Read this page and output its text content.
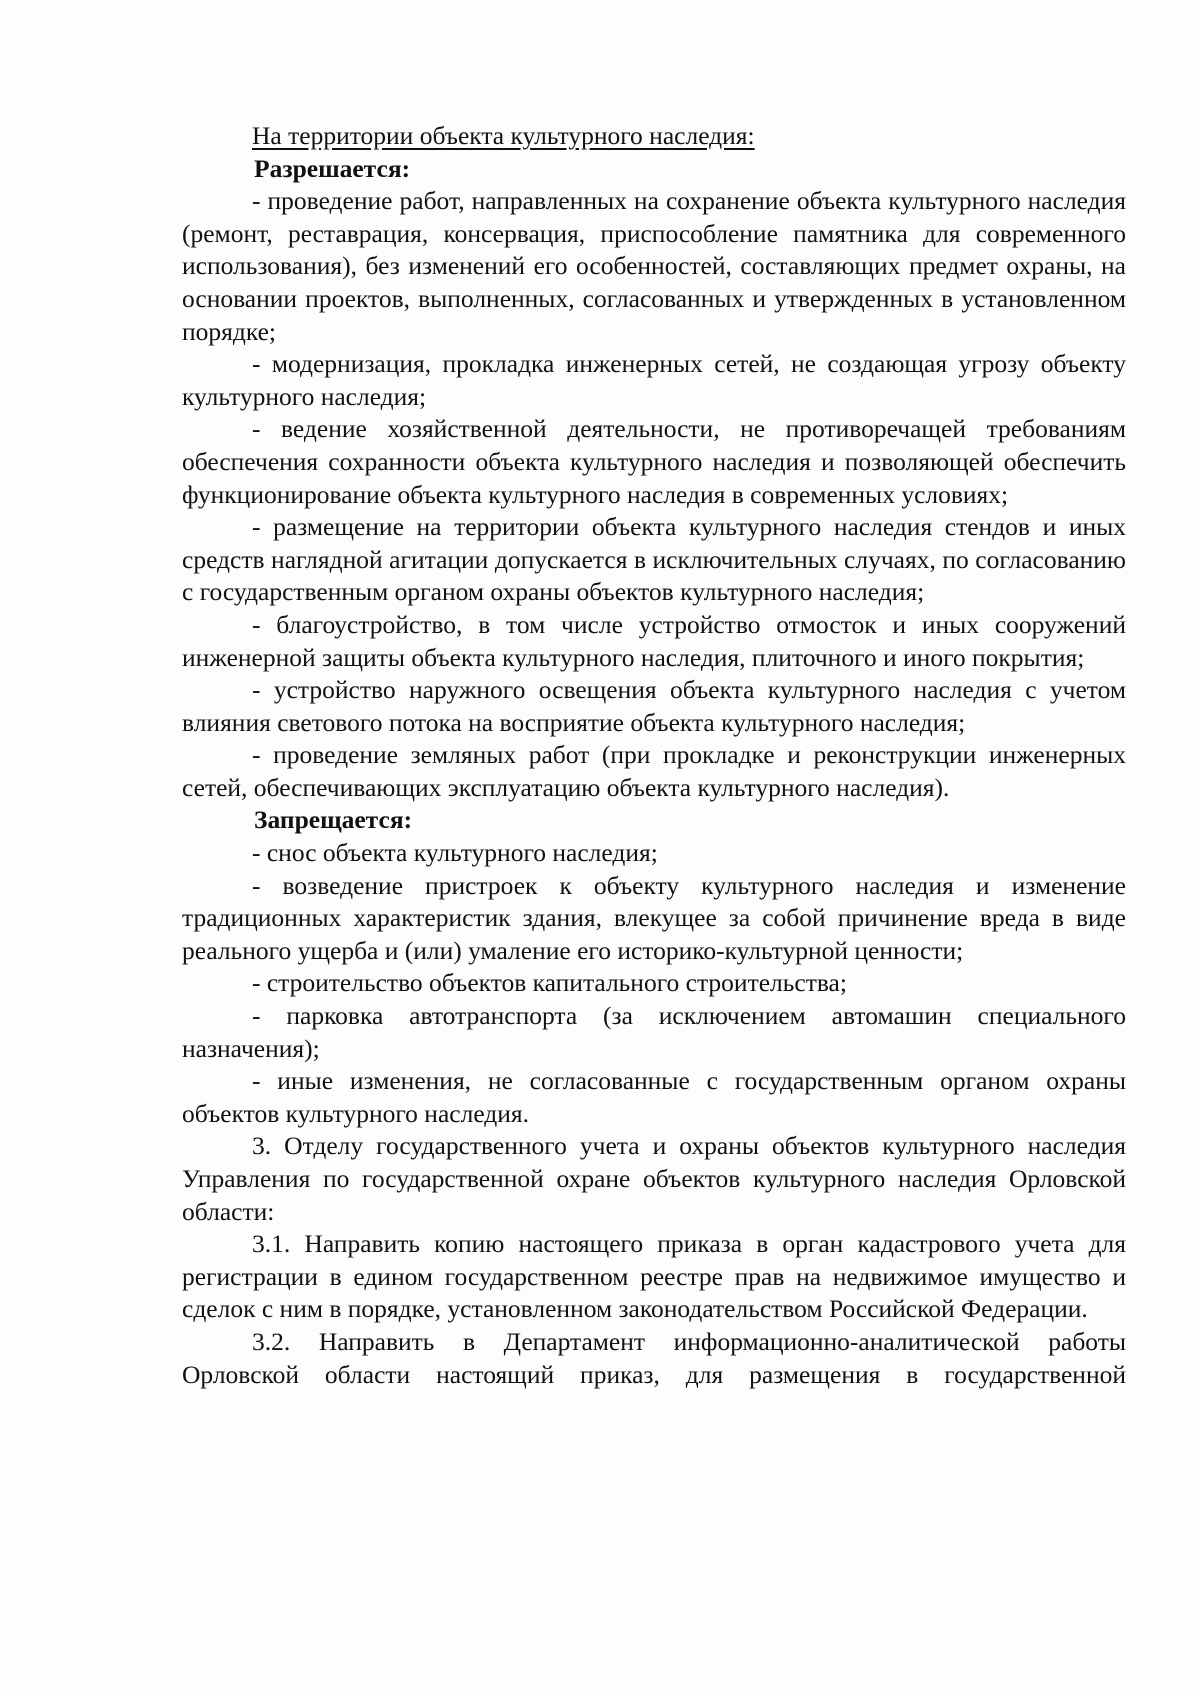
На территории объекта культурного наследия:

Разрешается:

- проведение работ, направленных на сохранение объекта культурного наследия (ремонт, реставрация, консервация, приспособление памятника для современного использования), без изменений его особенностей, составляющих предмет охраны, на основании проектов, выполненных, согласованных и утвержденных в установленном порядке;

- модернизация, прокладка инженерных сетей, не создающая угрозу объекту культурного наследия;

- ведение хозяйственной деятельности, не противоречащей требованиям обеспечения сохранности объекта культурного наследия и позволяющей обеспечить функционирование объекта культурного наследия в современных условиях;

- размещение на территории объекта культурного наследия стендов и иных средств наглядной агитации допускается в исключительных случаях, по согласованию с государственным органом охраны объектов культурного наследия;

- благоустройство, в том числе устройство отмосток и иных сооружений инженерной защиты объекта культурного наследия, плиточного и иного покрытия;

- устройство наружного освещения объекта культурного наследия с учетом влияния светового потока на восприятие объекта культурного наследия;

- проведение земляных работ (при прокладке и реконструкции инженерных сетей, обеспечивающих эксплуатацию объекта культурного наследия).

Запрещается:

- снос объекта культурного наследия;

- возведение пристроек к объекту культурного наследия и изменение традиционных характеристик здания, влекущее за собой причинение вреда в виде реального ущерба и (или) умаление его историко-культурной ценности;

- строительство объектов капитального строительства;

- парковка автотранспорта (за исключением автомашин специального назначения);

- иные изменения, не согласованные с государственным органом охраны объектов культурного наследия.

3. Отделу государственного учета и охраны объектов культурного наследия Управления по государственной охране объектов культурного наследия Орловской области:

3.1. Направить копию настоящего приказа в орган кадастрового учета для регистрации в едином государственном реестре прав на недвижимое имущество и сделок с ним в порядке, установленном законодательством Российской Федерации.

3.2. Направить в Департамент информационно-аналитической работы Орловской области настоящий приказ, для размещения в государственной
